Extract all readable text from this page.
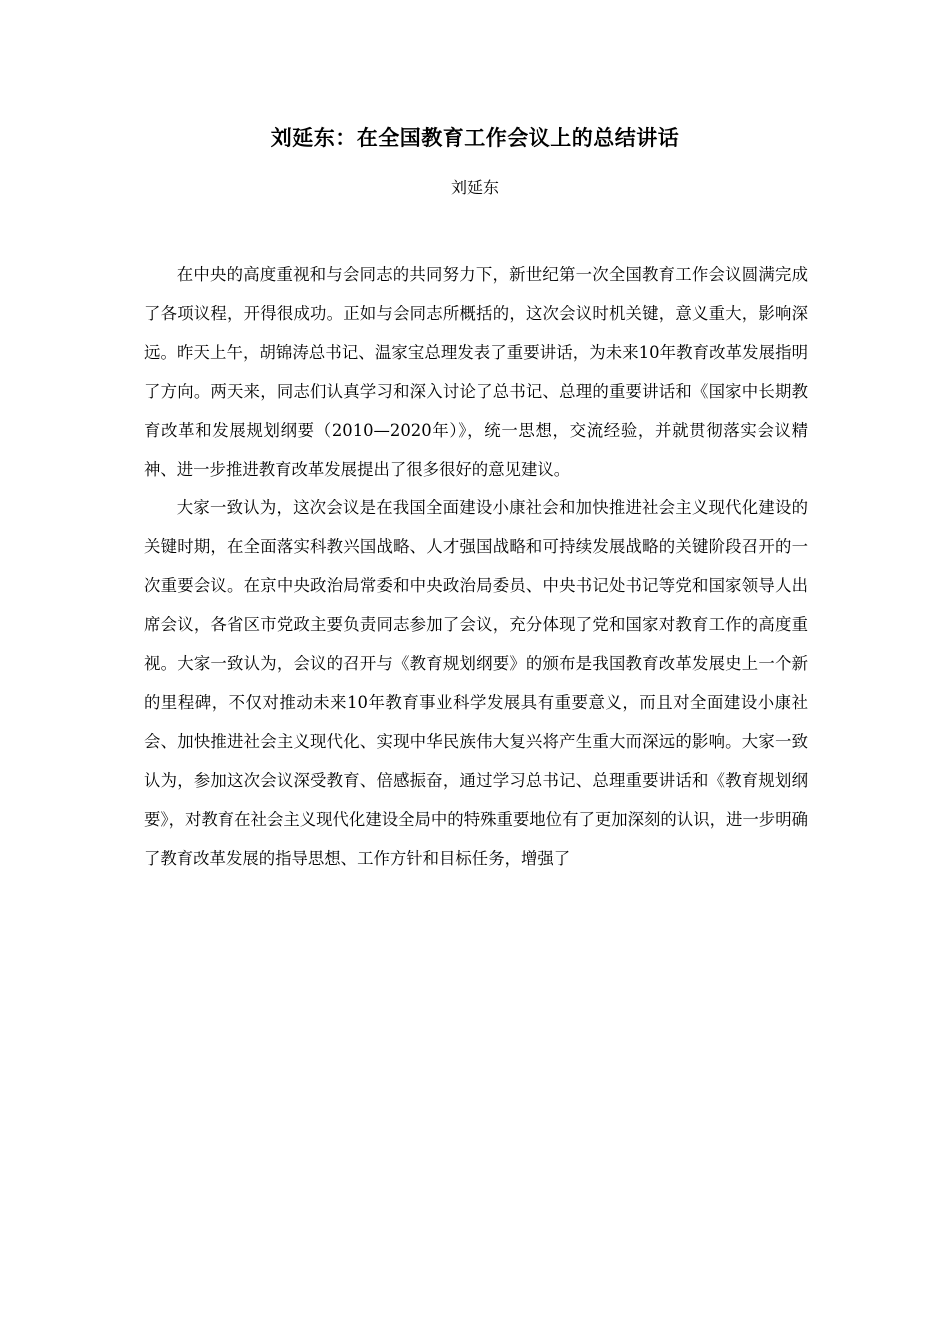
刘延东：在全国教育工作会议上的总结讲话
刘延东

在中央的高度重视和与会同志的共同努力下，新世纪第一次全国教育工作会议圆满完成了各项议程，开得很成功。正如与会同志所概括的，这次会议时机关键，意义重大，影响深远。昨天上午，胡锦涛总书记、温家宝总理发表了重要讲话，为未来10年教育改革发展指明了方向。两天来，同志们认真学习和深入讨论了总书记、总理的重要讲话和《国家中长期教育改革和发展规划纲要（2010—2020年）》，统一思想，交流经验，并就贯彻落实会议精神、进一步推进教育改革发展提出了很多很好的意见建议。

大家一致认为，这次会议是在我国全面建设小康社会和加快推进社会主义现代化建设的关键时期，在全面落实科教兴国战略、人才强国战略和可持续发展战略的关键阶段召开的一次重要会议。在京中央政治局常委和中央政治局委员、中央书记处书记等党和国家领导人出席会议，各省区市党政主要负责同志参加了会议，充分体现了党和国家对教育工作的高度重视。大家一致认为，会议的召开与《教育规划纲要》的颁布是我国教育改革发展史上一个新的里程碑，不仅对推动未来10年教育事业科学发展具有重要意义，而且对全面建设小康社会、加快推进社会主义现代化、实现中华民族伟大复兴将产生重大而深远的影响。大家一致认为，参加这次会议深受教育、倍感振奋，通过学习总书记、总理重要讲话和《教育规划纲要》，对教育在社会主义现代化建设全局中的特殊重要地位有了更加深刻的认识，进一步明确了教育改革发展的指导思想、工作方针和目标任务，增强了
